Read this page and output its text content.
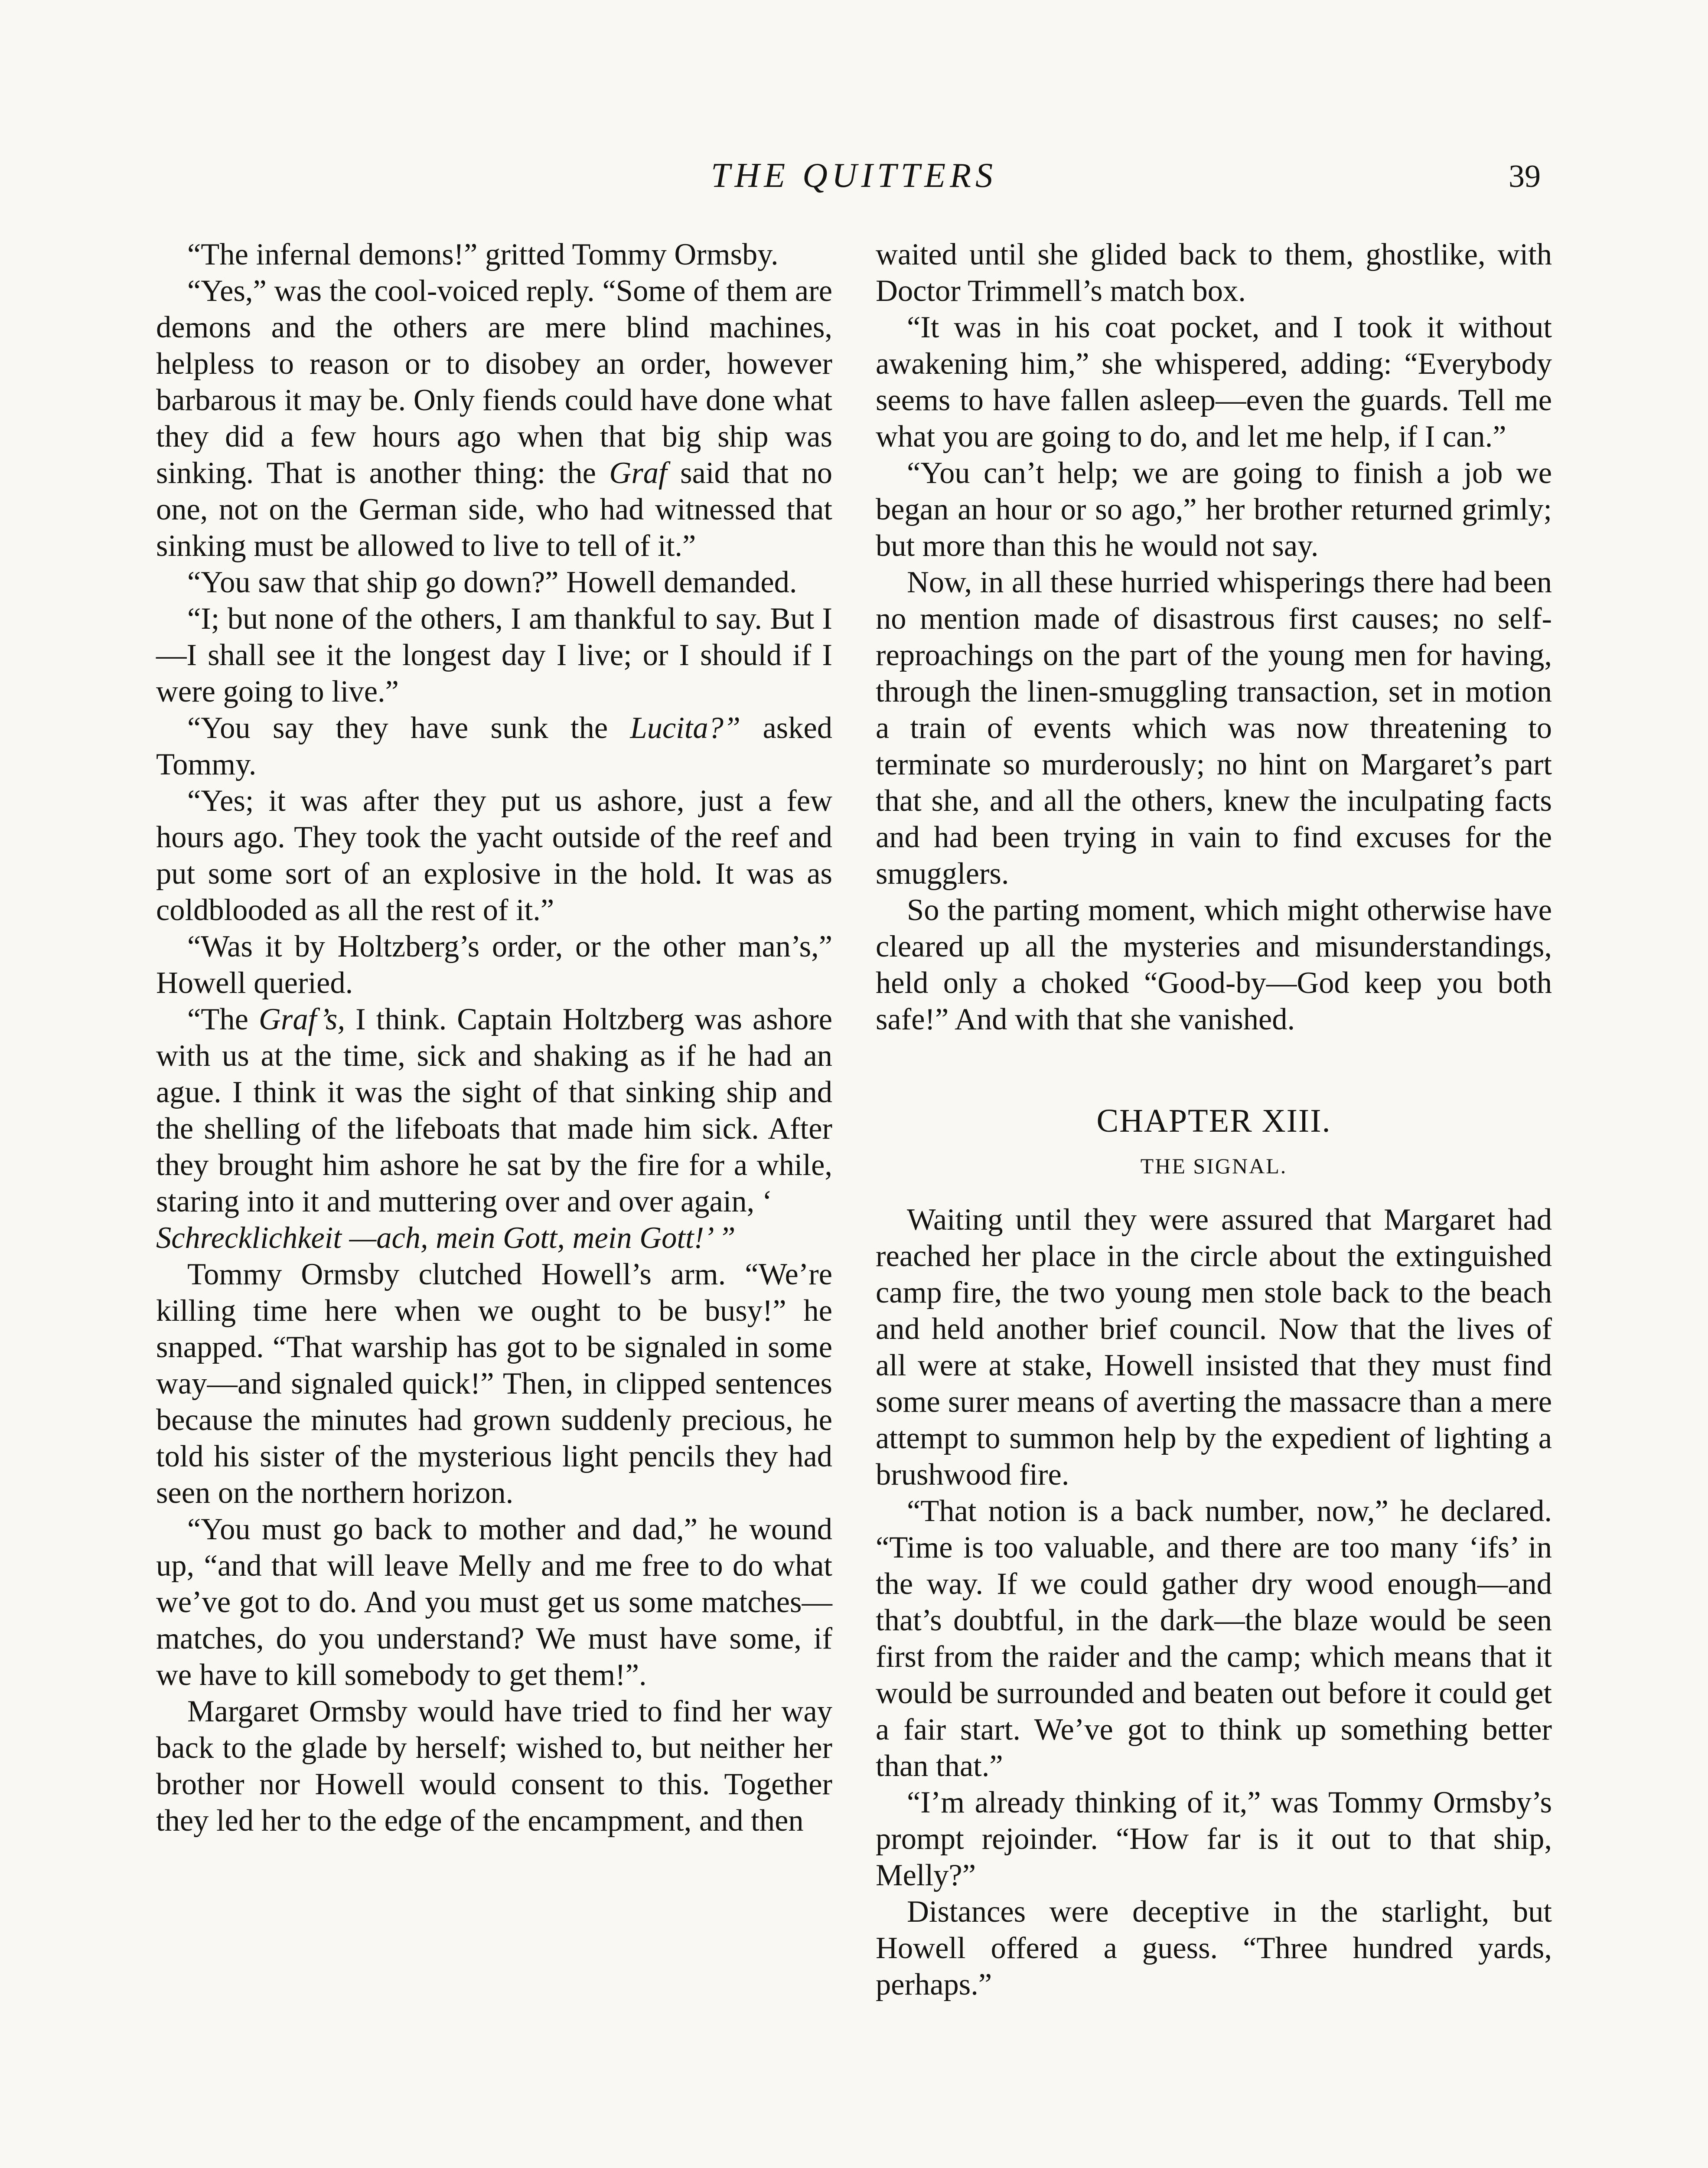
THE QUITTERS	39

“The infernal demons!” gritted Tommy Ormsby.

“Yes,” was the cool-voiced reply. “Some of them are demons and the others are mere blind machines, helpless to reason or to disobey an order, however barbarous it may be. Only fiends could have done what they did a few hours ago when that big ship was sinking. That is another thing: the Graf said that no one, not on the German side, who had witnessed that sinking must be allowed to live to tell of it.”

“You saw that ship go down?” Howell demanded.

“I; but none of the others, I am thankful to say. But I—I shall see it the longest day I live; or I should if I were going to live.”

“You say they have sunk the Lucita?” asked Tommy.

“Yes; it was after they put us ashore, just a few hours ago. They took the yacht outside of the reef and put some sort of an explosive in the hold. It was as coldblooded as all the rest of it.”

“Was it by Holtzberg’s order, or the other man’s,” Howell queried.

“The Graf’s, I think. Captain Holtzberg was ashore with us at the time, sick and shaking as if he had an ague. I think it was the sight of that sinking ship and the shelling of the lifeboats that made him sick. After they brought him ashore he sat by the fire for a while, staring into it and muttering over and over again, ‘

Schrecklichkeit —ach, mein Gott, mein Gott!’ ”

Tommy Ormsby clutched Howell’s arm. “We’re killing time here when we ought to be busy!” he snapped. “That warship has got to be signaled in some way—and signaled quick!” Then, in clipped sentences because the minutes had grown suddenly precious, he told his sister of the mysterious light pencils they had seen on the northern horizon.

“You must go back to mother and dad,” he wound up, “and that will leave Melly and me free to do what we’ve got to do. And you must get us some matches—matches, do you understand? We must have some, if we have to kill somebody to get them!”.

Margaret Ormsby would have tried to find her way back to the glade by herself; wished to, but neither her brother nor Howell would consent to this. Together they led her to the edge of the encampment, and then

waited until she glided back to them, ghostlike, with Doctor Trimmell’s match box.

“It was in his coat pocket, and I took it without awakening him,” she whispered, adding: “Everybody seems to have fallen asleep—even the guards. Tell me what you are going to do, and let me help, if I can.”

“You can’t help; we are going to finish a job we began an hour or so ago,” her brother returned grimly; but more than this he would not say.

Now, in all these hurried whisperings there had been no mention made of disastrous first causes; no self-reproachings on the part of the young men for having, through the linen-smuggling transaction, set in motion a train of events which was now threatening to terminate so murderously; no hint on Margaret’s part that she, and all the others, knew the inculpating facts and had been trying in vain to find excuses for the smugglers.

So the parting moment, which might otherwise have cleared up all the mysteries and misunderstandings, held only a choked “Good-by—God keep you both safe!” And with that she vanished.

CHAPTER XIII.
THE SIGNAL.

Waiting until they were assured that Margaret had reached her place in the circle about the extinguished camp fire, the two young men stole back to the beach and held another brief council. Now that the lives of all were at stake, Howell insisted that they must find some surer means of averting the massacre than a mere attempt to summon help by the expedient of lighting a brushwood fire.

“That notion is a back number, now,” he declared. “Time is too valuable, and there are too many ‘ifs’ in the way. If we could gather dry wood enough—and that’s doubtful, in the dark—the blaze would be seen first from the raider and the camp; which means that it would be surrounded and beaten out before it could get a fair start. We’ve got to think up something better than that.”

“I’m already thinking of it,” was Tommy Ormsby’s prompt rejoinder. “How far is it out to that ship, Melly?”

Distances were deceptive in the starlight, but Howell offered a guess. “Three hundred yards, perhaps.”
